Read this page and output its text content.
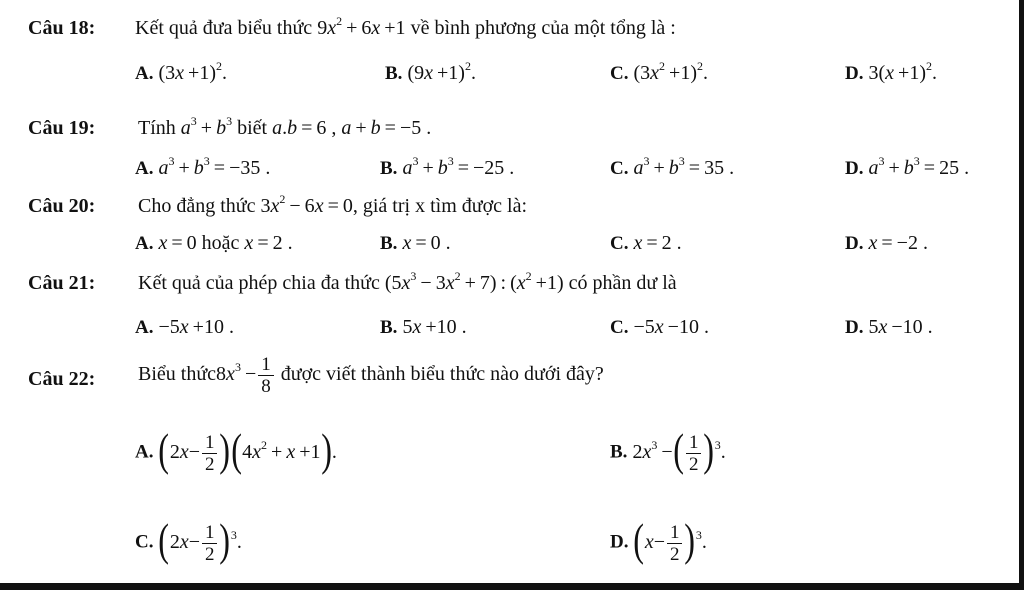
Câu 18: Kết quả đưa biểu thức $9x^2 + 6x +1$ về bình phương của một tổng là :
A. $(3x +1)^2$.	B. $(9x +1)^2$.	C. $(3x^2 +1)^2$.	D. $3(x +1)^2$.
Câu 19: Tính $a^3 + b^3$ biết a.b = 6 , a + b = −5 .
A. $a^3 + b^3 = -35$ .	B. $a^3 + b^3 = -25$ .	C. $a^3 + b^3 = 35$ .	D. $a^3 + b^3 = 25$ .
Câu 20: Cho đẳng thức $3x^2 - 6x = 0$, giá trị x tìm được là:
A. x = 0 hoặc x = 2 .	B. x = 0 .	C. x = 2 .	D. x = −2 .
Câu 21: Kết quả của phép chia đa thức $(5x^3 - 3x^2 + 7)$ : $(x^2 +1)$ có phần dư là
A. −5x +10 .	B. 5x +10 .	C. −5x −10 .	D. 5x −10 .
Câu 22: Biểu $thức8x^3 - \frac{1}{8}$ được viết thành biểu thức nào dưới đây?
A. $(2x- \frac{1}{2} )(4x^2 + x +1)$.	B. $2x^3$ −( $\frac{1}{2} )^3$.
C. $(2x- \frac{1}{2} )^3$.	D. $(x- \frac{1}{2} )^3$.
